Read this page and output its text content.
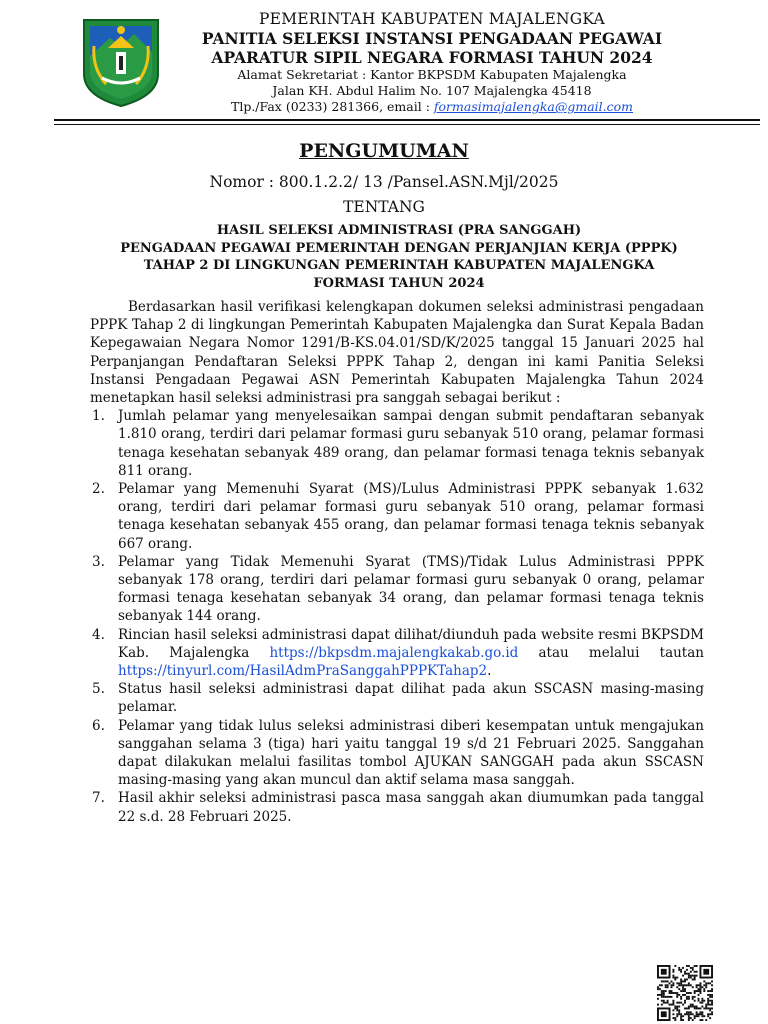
PEMERINTAH KABUPATEN MAJALENGKA
PANITIA SELEKSI INSTANSI PENGADAAN PEGAWAI
APARATUR SIPIL NEGARA FORMASI TAHUN 2024
Alamat Sekretariat : Kantor BKPSDM Kabupaten Majalengka
Jalan KH. Abdul Halim No. 107 Majalengka 45418
Tlp./Fax (0233) 281366, email : formasimajalengka@gmail.com
PENGUMUMAN
Nomor : 800.1.2.2/ 13 /Pansel.ASN.Mjl/2025
TENTANG
HASIL SELEKSI ADMINISTRASI (PRA SANGGAH)
PENGADAAN PEGAWAI PEMERINTAH DENGAN PERJANJIAN KERJA (PPPK)
TAHAP 2 DI LINGKUNGAN PEMERINTAH KABUPATEN MAJALENGKA
FORMASI TAHUN 2024

Berdasarkan hasil verifikasi kelengkapan dokumen seleksi administrasi pengadaan PPPK Tahap 2 di lingkungan Pemerintah Kabupaten Majalengka dan Surat Kepala Badan Kepegawaian Negara Nomor 1291/B-KS.04.01/SD/K/2025 tanggal 15 Januari 2025 hal Perpanjangan Pendaftaran Seleksi PPPK Tahap 2, dengan ini kami Panitia Seleksi Instansi Pengadaan Pegawai ASN Pemerintah Kabupaten Majalengka Tahun 2024 menetapkan hasil seleksi administrasi pra sanggah sebagai berikut :

1. Jumlah pelamar yang menyelesaikan sampai dengan submit pendaftaran sebanyak 1.810 orang, terdiri dari pelamar formasi guru sebanyak 510 orang, pelamar formasi tenaga kesehatan sebanyak 489 orang, dan pelamar formasi tenaga teknis sebanyak 811 orang.
2. Pelamar yang Memenuhi Syarat (MS)/Lulus Administrasi PPPK sebanyak 1.632 orang, terdiri dari pelamar formasi guru sebanyak 510 orang, pelamar formasi tenaga kesehatan sebanyak 455 orang, dan pelamar formasi tenaga teknis sebanyak 667 orang.
3. Pelamar yang Tidak Memenuhi Syarat (TMS)/Tidak Lulus Administrasi PPPK sebanyak 178 orang, terdiri dari pelamar formasi guru sebanyak 0 orang, pelamar formasi tenaga kesehatan sebanyak 34 orang, dan pelamar formasi tenaga teknis sebanyak 144 orang.
4. Rincian hasil seleksi administrasi dapat dilihat/diunduh pada website resmi BKPSDM Kab. Majalengka https://bkpsdm.majalengkakab.go.id atau melalui tautan https://tinyurl.com/HasilAdmPraSanggahPPPKTahap2.
5. Status hasil seleksi administrasi dapat dilihat pada akun SSCASN masing-masing pelamar.
6. Pelamar yang tidak lulus seleksi administrasi diberi kesempatan untuk mengajukan sanggahan selama 3 (tiga) hari yaitu tanggal 19 s/d 21 Februari 2025. Sanggahan dapat dilakukan melalui fasilitas tombol AJUKAN SANGGAH pada akun SSCASN masing-masing yang akan muncul dan aktif selama masa sanggah.
7. Hasil akhir seleksi administrasi pasca masa sanggah akan diumumkan pada tanggal 22 s.d. 28 Februari 2025.
